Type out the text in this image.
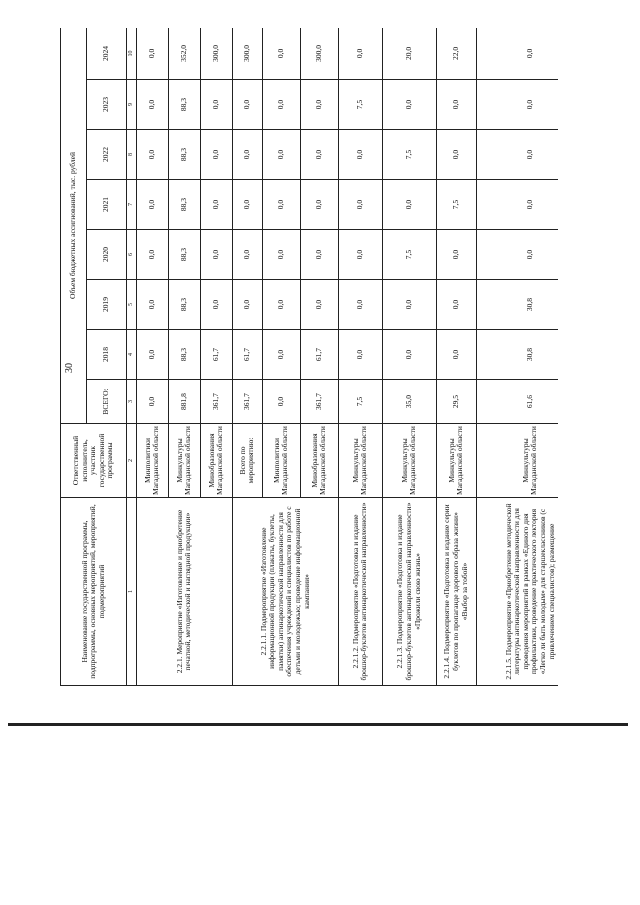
30
Наименование государственной программы, подпрограммы, основных мероприятий, мероприятий, подмероприятий	Ответственный исполнитель, участник государственной программы	Объем бюджетных ассигнований, тыс. рублей							
		ВСЕГО:	2018	2019	2020	2021	2022	2023	2024
1	2	3	4	5	6	7	8	9	10
2.2.1. Мероприятие «Изготовление и приобретение печатной, методической и наглядной продукции»	Минполитики Магаданской области	0,0	0,0	0,0	0,0	0,0	0,0	0,0	0,0
	Минкультуры Магаданской области	881,8	88,3	88,3	88,3	88,3	88,3	88,3	352,0
	Минобразования Магаданской области	361,7	61,7	0,0	0,0	0,0	0,0	0,0	300,0
2.2.1.1. Подмероприятие «Изготовление информационной продукции (плакаты, буклеты, памятки) антинаркотической направленности для обеспечения учреждений и специалистов по работе с детьми и молодежью; проведение информационной кампании»	Всего по мероприятию:	361,7	61,7	0,0	0,0	0,0	0,0	0,0	300,0
	Минполитики Магаданской области	0,0	0,0	0,0	0,0	0,0	0,0	0,0	0,0
	Минобразования Магаданской области	361,7	61,7	0,0	0,0	0,0	0,0	0,0	300,0
2.2.1.2. Подмероприятие «Подготовка и издание брошюр-буклетов антинаркотической направленности»	Минкультуры Магаданской области	7,5	0,0	0,0	0,0	0,0	0,0	7,5	0,0
2.2.1.3. Подмероприятие «Подготовка и издание брошюр-буклетов антинаркотической направленности» «Прожили свою жизнь»	Минкультуры Магаданской области	35,0	0,0	0,0	7,5	0,0	7,5	0,0	20,0
2.2.1.4. Подмероприятие «Подготовка и издание серии буклетов по пропаганде здорового образа жизни» «Выбор за тобой»	Минкультуры Магаданской области	29,5	0,0	0,0	0,0	7,5	0,0	0,0	22,0
2.2.1.5. Подмероприятие «Приобретение методической литературы антинаркотической направленности для проведения мероприятий в рамках «Единого дня профилактики, проведение практического лектория «Легко ли быть молодым» для старшеклассников (с привлечением специалистов); размещение	Минкультуры Магаданской области	61,6	30,8	30,8	0,0	0,0	0,0	0,0	0,0
